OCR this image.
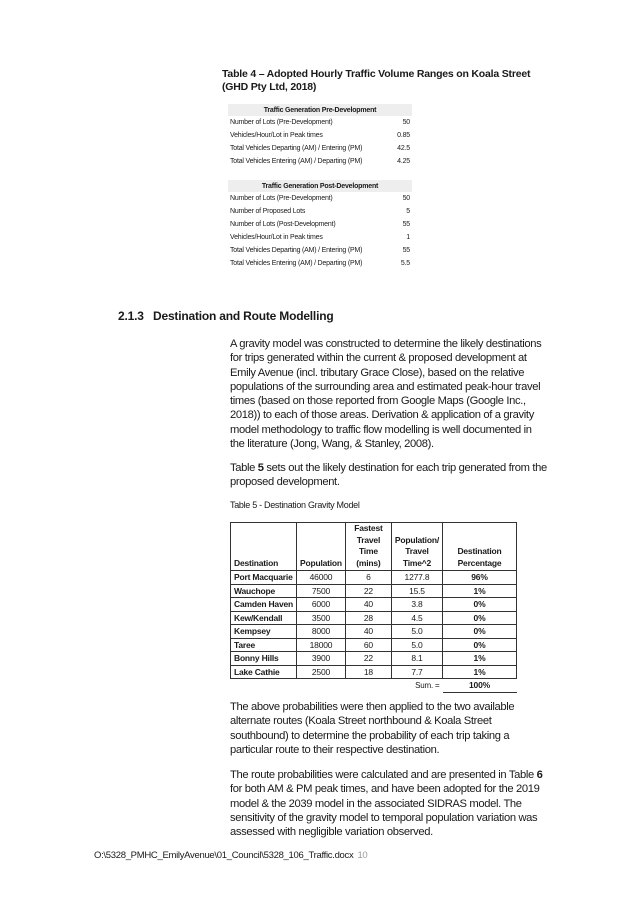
Table 4 – Adopted Hourly Traffic Volume Ranges on Koala Street (GHD Pty Ltd, 2018)
Traffic Generation Pre-Development	
Number of Lots (Pre-Development)	50
Vehicles/Hour/Lot in Peak times	0.85
Total Vehicles Departing (AM) / Entering (PM)	42.5
Total Vehicles Entering (AM) / Departing (PM)	4.25
Traffic Generation Post-Development	
Number of Lots (Pre-Development)	50
Number of Proposed Lots	5
Number of Lots (Post-Development)	55
Vehicles/Hour/Lot in Peak times	1
Total Vehicles Departing (AM) / Entering (PM)	55
Total Vehicles Entering (AM) / Departing (PM)	5.5
2.1.3 Destination and Route Modelling

A gravity model was constructed to determine the likely destinations for trips generated within the current & proposed development at Emily Avenue (incl. tributary Grace Close), based on the relative populations of the surrounding area and estimated peak-hour travel times (based on those reported from Google Maps (Google Inc., 2018)) to each of those areas. Derivation & application of a gravity model methodology to traffic flow modelling is well documented in the literature (Jong, Wang, & Stanley, 2008).

Table 5 sets out the likely destination for each trip generated from the proposed development.

Table 5 - Destination Gravity Model
Destination	Population	Fastest Travel Time (mins)	Population/ Travel Time^2	Destination Percentage
Port Macquarie	46000	6	1277.8	96%
Wauchope	7500	22	15.5	1%
Camden Haven	6000	40	3.8	0%
Kew/Kendall	3500	28	4.5	0%
Kempsey	8000	40	5.0	0%
Taree	18000	60	5.0	0%
Bonny Hills	3900	22	8.1	1%
Lake Cathie	2500	18	7.7	1%
		Sum. =		100%

The above probabilities were then applied to the two available alternate routes (Koala Street northbound & Koala Street southbound) to determine the probability of each trip taking a particular route to their respective destination.

The route probabilities were calculated and are presented in Table 6 for both AM & PM peak times, and have been adopted for the 2019 model & the 2039 model in the associated SIDRAS model. The sensitivity of the gravity model to temporal population variation was assessed with negligible variation observed.

O:\5328_PMHC_EmilyAvenue\01_Council\5328_106_Traffic.docx 10
